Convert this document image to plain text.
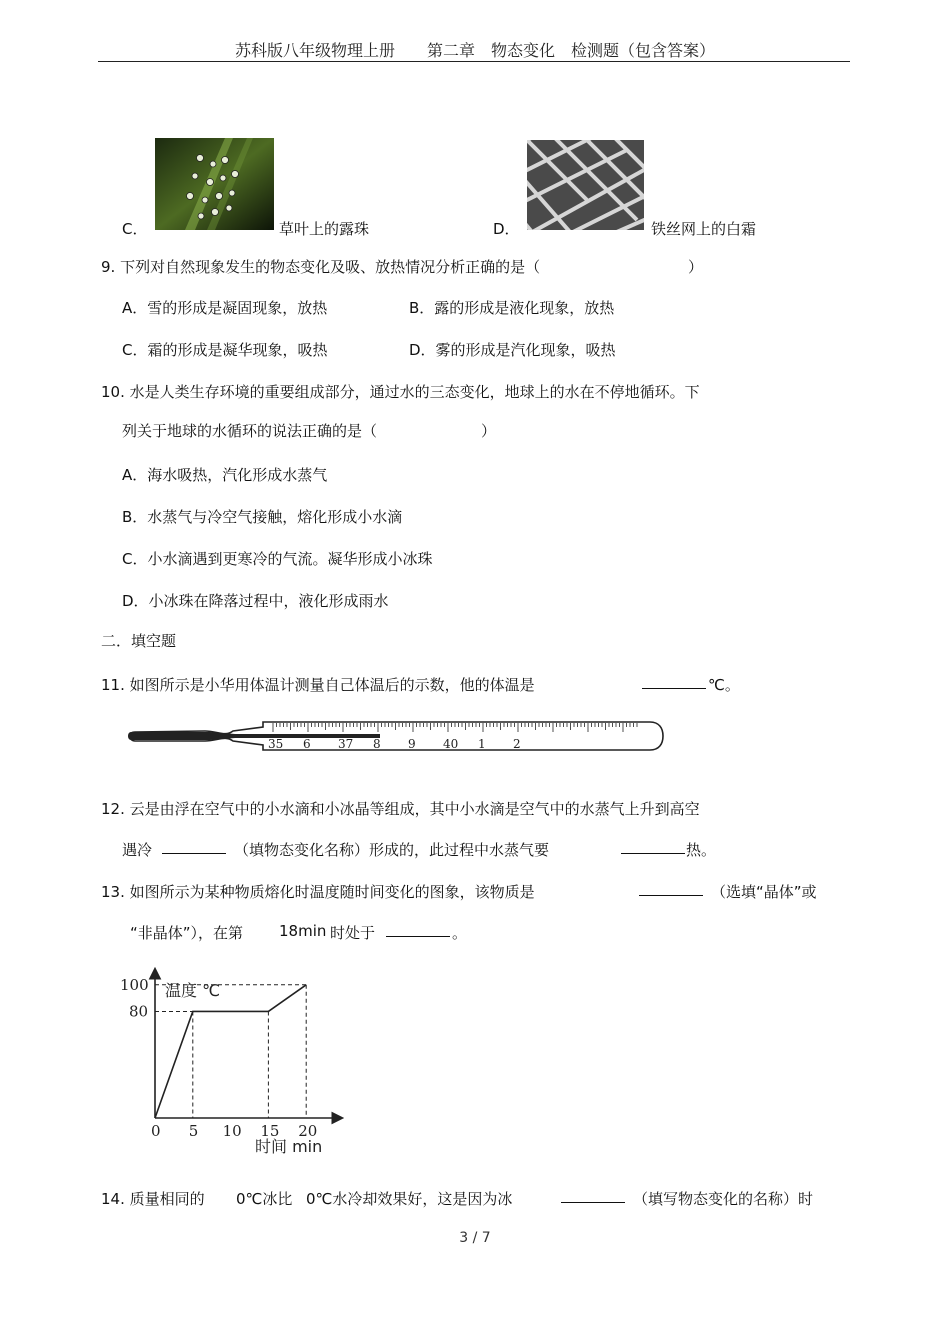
苏科版八年级物理上册　　第二章　物态变化　检测题（包含答案）
C．	草叶上的露珠	D．	铁丝网上的白霜
9. 下列对自然现象发生的物态变化及吸、放热情况分析正确的是（	）
A．雪的形成是凝固现象，放热	B．露的形成是液化现象，放热
C．霜的形成是凝华现象，吸热	D．雾的形成是汽化现象，吸热
10. 水是人类生存环境的重要组成部分，通过水的三态变化，地球上的水在不停地循环。下
列关于地球的水循环的说法正确的是（	）
A．海水吸热，汽化形成水蒸气
B．水蒸气与冷空气接触，熔化形成小水滴
C．小水滴遇到更寒冷的气流。凝华形成小冰珠
D．小冰珠在降落过程中，液化形成雨水
二．填空题
11. 如图所示是小华用体温计测量自己体温后的示数，他的体温是	℃。
35 6 37 8 9 40 1 2
12. 云是由浮在空气中的小水滴和小冰晶等组成，其中小水滴是空气中的水蒸气上升到高空
遇冷	（填物态变化名称）形成的，此过程中水蒸气要	热。
13. 如图所示为某种物质熔化时温度随时间变化的图象，该物质是	（选填“晶体”或
“非晶体”），在第 18min 时处于	。
温度 ℃
时间 min
0 5 10 15 20
80
100
14. 质量相同的 0℃冰比 0℃水冷却效果好，这是因为冰	（填写物态变化的名称）时
3 / 7
